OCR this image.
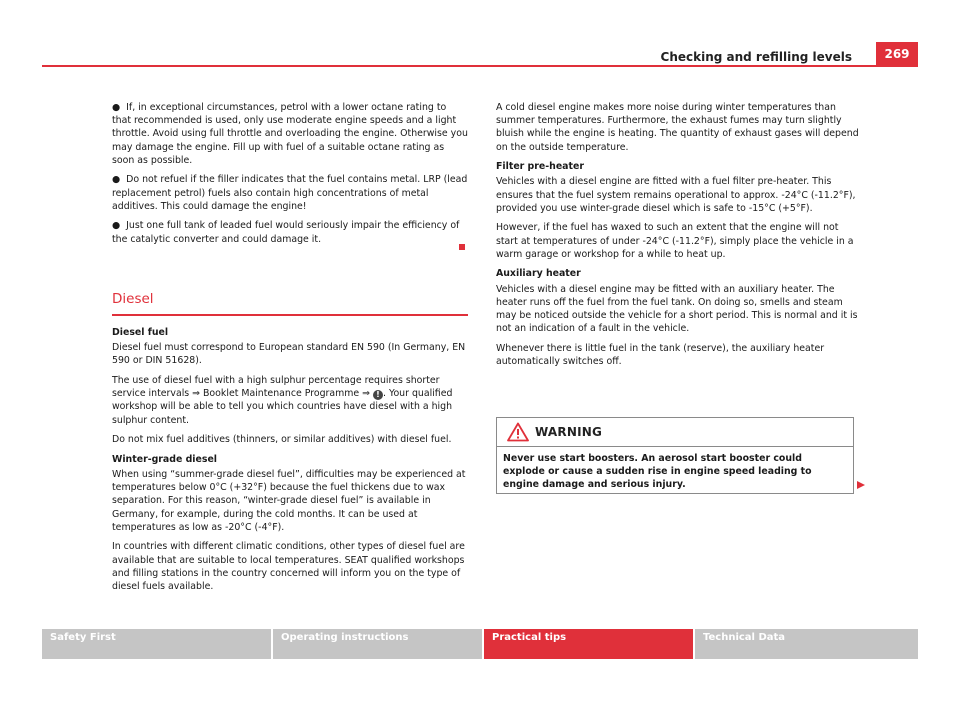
Checking and refilling levels	269

● If, in exceptional circumstances, petrol with a lower octane rating to that recommended is used, only use moderate engine speeds and a light throttle. Avoid using full throttle and overloading the engine. Otherwise you may damage the engine. Fill up with fuel of a suitable octane rating as soon as possible.

● Do not refuel if the filler indicates that the fuel contains metal. LRP (lead replacement petrol) fuels also contain high concentrations of metal additives. This could damage the engine!

● Just one full tank of leaded fuel would seriously impair the efficiency of the catalytic converter and could damage it.

Diesel

Diesel fuel

Diesel fuel must correspond to European standard EN 590 (In Germany, EN 590 or DIN 51628).

The use of diesel fuel with a high sulphur percentage requires shorter service intervals ⇒ Booklet Maintenance Programme ⇒ ! . Your qualified workshop will be able to tell you which countries have diesel with a high sulphur content.

Do not mix fuel additives (thinners, or similar additives) with diesel fuel.

Winter-grade diesel

When using “summer-grade diesel fuel”, difficulties may be experienced at temperatures below 0°C (+32°F) because the fuel thickens due to wax separation. For this reason, “winter-grade diesel fuel” is available in Germany, for example, during the cold months. It can be used at temperatures as low as -20°C (-4°F).

In countries with different climatic conditions, other types of diesel fuel are available that are suitable to local temperatures. SEAT qualified workshops and filling stations in the country concerned will inform you on the type of diesel fuels available.

A cold diesel engine makes more noise during winter temperatures than summer temperatures. Furthermore, the exhaust fumes may turn slightly bluish while the engine is heating. The quantity of exhaust gases will depend on the outside temperature.

Filter pre-heater

Vehicles with a diesel engine are fitted with a fuel filter pre-heater. This ensures that the fuel system remains operational to approx. -24°C (-11.2°F), provided you use winter-grade diesel which is safe to -15°C (+5°F).

However, if the fuel has waxed to such an extent that the engine will not start at temperatures of under -24°C (-11.2°F), simply place the vehicle in a warm garage or workshop for a while to heat up.

Auxiliary heater

Vehicles with a diesel engine may be fitted with an auxiliary heater. The heater runs off the fuel from the fuel tank. On doing so, smells and steam may be noticed outside the vehicle for a short period. This is normal and it is not an indication of a fault in the vehicle.

Whenever there is little fuel in the tank (reserve), the auxiliary heater automatically switches off.

WARNING
Never use start boosters. An aerosol start booster could explode or cause a sudden rise in engine speed leading to engine damage and serious injury.
Safety First	Operating instructions	Practical tips	Technical Data
